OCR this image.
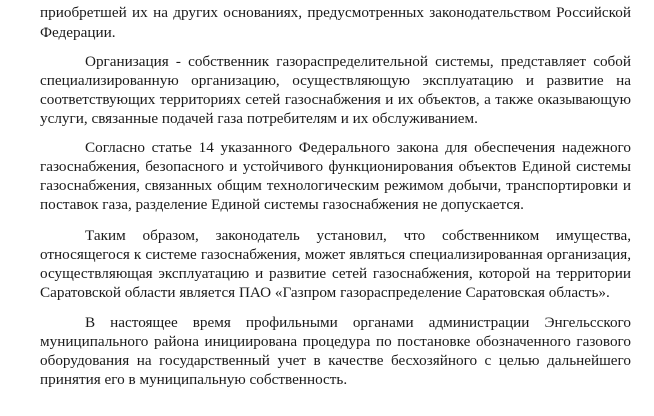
приобретшей их на других основаниях, предусмотренных законодательством Российской
Федерации.
Организация - собственник газораспределительной системы, представляет собой
специализированную организацию, осуществляющую эксплуатацию и развитие на
соответствующих территориях сетей газоснабжения и их объектов, а также оказывающую
услуги, связанные подачей газа потребителям и их обслуживанием.
Согласно статье 14 указанного Федерального закона для обеспечения надежного
газоснабжения, безопасного и устойчивого функционирования объектов Единой системы
газоснабжения, связанных общим технологическим режимом добычи, транспортировки и
поставок газа, разделение Единой системы газоснабжения не допускается.
Таким образом, законодатель установил, что собственником имущества,
относящегося к системе газоснабжения, может являться специализированная организация,
осуществляющая эксплуатацию и развитие сетей газоснабжения, которой на территории
Саратовской области является ПАО «Газпром газораспределение Саратовская область».
В настоящее время профильными органами администрации Энгельсского
муниципального района инициирована процедура по постановке обозначенного газового
оборудования на государственный учет в качестве бесхозяйного с целью дальнейшего
принятия его в муниципальную собственность.
